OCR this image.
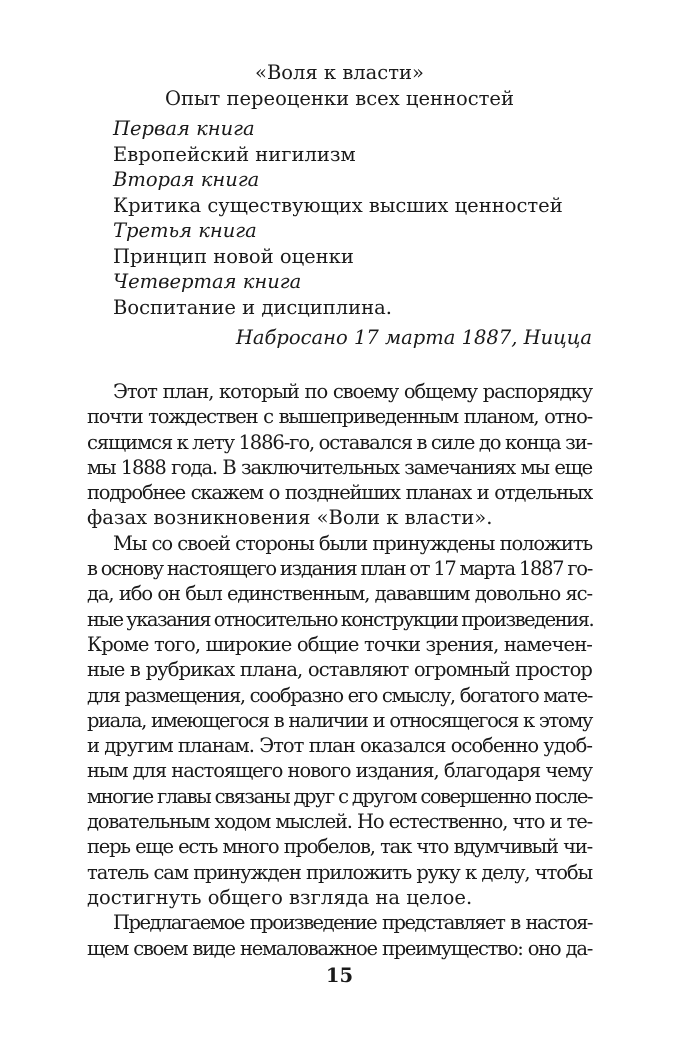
«Воля к власти»
Опыт переоценки всех ценностей
Первая книга
Европейский нигилизм
Вторая книга
Критика существующих высших ценностей
Третья книга
Принцип новой оценки
Четвертая книга
Воспитание и дисциплина.
Набросано 17 марта 1887, Ницца
Этот план, который по своему общему распорядку
почти тождествен с вышеприведенным планом, отно-
сящимся к лету 1886-го, оставался в силе до конца зи-
мы 1888 года. В заключительных замечаниях мы еще
подробнее скажем о позднейших планах и отдельных
фазах возникновения «Воли к власти».
Мы со своей стороны были принуждены положить
в основу настоящего издания план от 17 марта 1887 го-
да, ибо он был единственным, дававшим довольно яс-
ные указания относительно конструкции произведения.
Кроме того, широкие общие точки зрения, намечен-
ные в рубриках плана, оставляют огромный простор
для размещения, сообразно его смыслу, богатого мате-
риала, имеющегося в наличии и относящегося к этому
и другим планам. Этот план оказался особенно удоб-
ным для настоящего нового издания, благодаря чему
многие главы связаны друг с другом совершенно после-
довательным ходом мыслей. Но естественно, что и те-
перь еще есть много пробелов, так что вдумчивый чи-
татель сам принужден приложить руку к делу, чтобы
достигнуть общего взгляда на целое.
Предлагаемое произведение представляет в настоя-
щем своем виде немаловажное преимущество: оно да-
15
